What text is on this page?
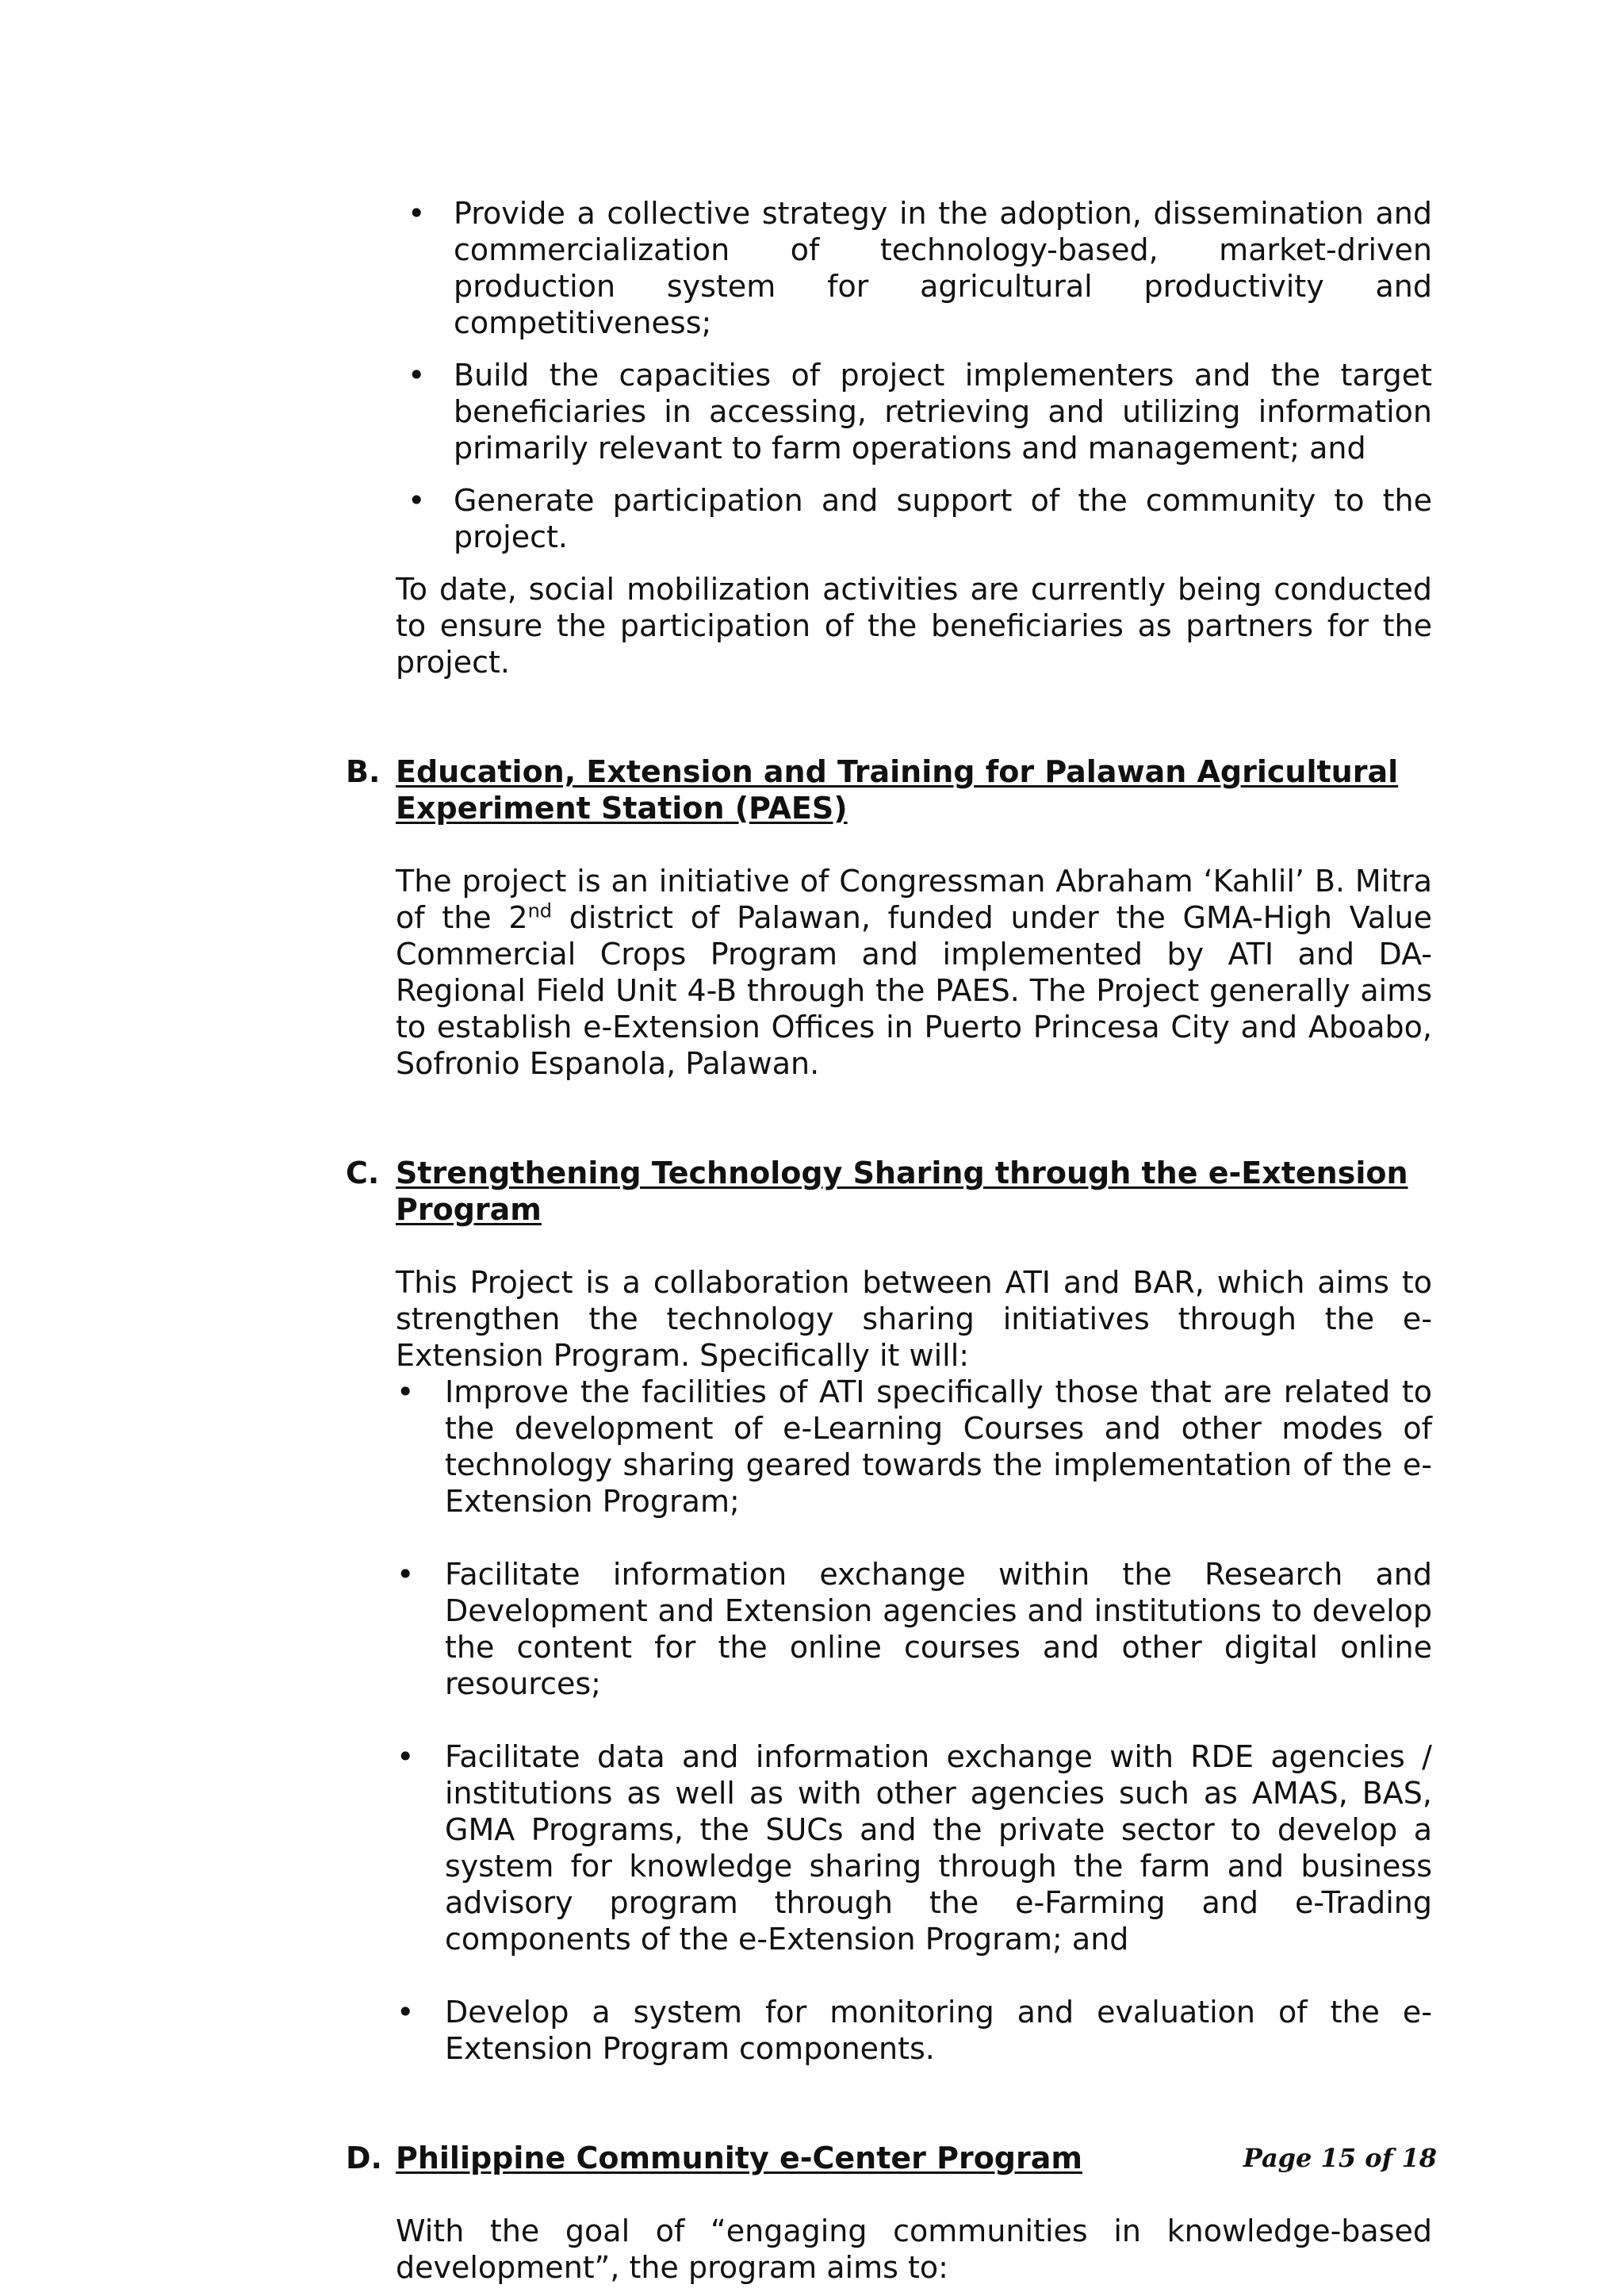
• Provide a collective strategy in the adoption, dissemination and commercialization of technology-based, market-driven production system for agricultural productivity and competitiveness;
• Build the capacities of project implementers and the target beneficiaries in accessing, retrieving and utilizing information primarily relevant to farm operations and management; and
• Generate participation and support of the community to the project.

To date, social mobilization activities are currently being conducted to ensure the participation of the beneficiaries as partners for the project.

B. Education, Extension and Training for Palawan Agricultural Experiment Station (PAES)

The project is an initiative of Congressman Abraham ‘Kahlil’ B. Mitra of the 2nd district of Palawan, funded under the GMA-High Value Commercial Crops Program and implemented by ATI and DA-Regional Field Unit 4-B through the PAES. The Project generally aims to establish e-Extension Offices in Puerto Princesa City and Aboabo, Sofronio Espanola, Palawan.

C. Strengthening Technology Sharing through the e-Extension Program

This Project is a collaboration between ATI and BAR, which aims to strengthen the technology sharing initiatives through the e-Extension Program. Specifically it will:

• Improve the facilities of ATI specifically those that are related to the development of e-Learning Courses and other modes of technology sharing geared towards the implementation of the e-Extension Program;
• Facilitate information exchange within the Research and Development and Extension agencies and institutions to develop the content for the online courses and other digital online resources;
• Facilitate data and information exchange with RDE agencies / institutions as well as with other agencies such as AMAS, BAS, GMA Programs, the SUCs and the private sector to develop a system for knowledge sharing through the farm and business advisory program through the e-Farming and e-Trading components of the e-Extension Program; and
• Develop a system for monitoring and evaluation of the e-Extension Program components.
D. Philippine Community e-Center Program

With the goal of “engaging communities in knowledge-based development”, the program aims to:

Page 15 of 18
